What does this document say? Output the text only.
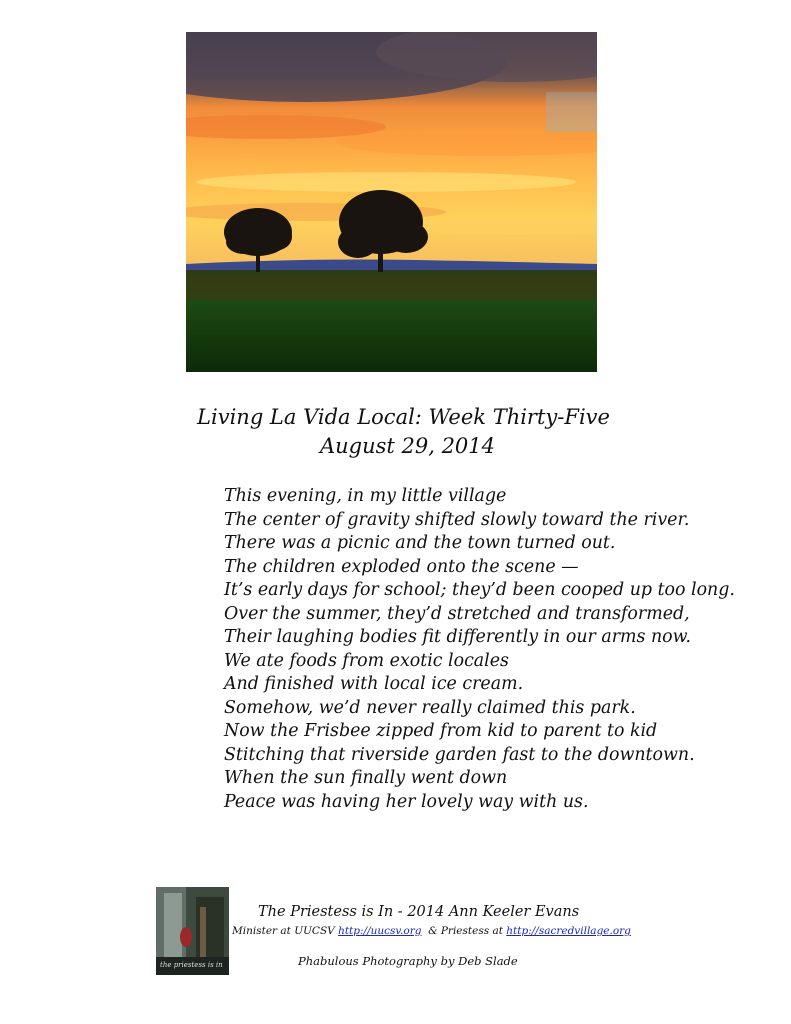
Living La Vida Local: Week Thirty-Five
August 29, 2014
This evening, in my little village
The center of gravity shifted slowly toward the river.
There was a picnic and the town turned out.
The children exploded onto the scene —
It’s early days for school; they’d been cooped up too long.
Over the summer, they’d stretched and transformed,
Their laughing bodies fit differently in our arms now.
We ate foods from exotic locales
And finished with local ice cream.
Somehow, we’d never really claimed this park.
Now the Frisbee zipped from kid to parent to kid
Stitching that riverside garden fast to the downtown.
When the sun finally went down
Peace was having her lovely way with us.
the priestess is in
The Priestess is In - 2014 Ann Keeler Evans
Minister at UUCSV http://uucsv.org  & Priestess at http://sacredvillage.org
Phabulous Photography by Deb Slade
